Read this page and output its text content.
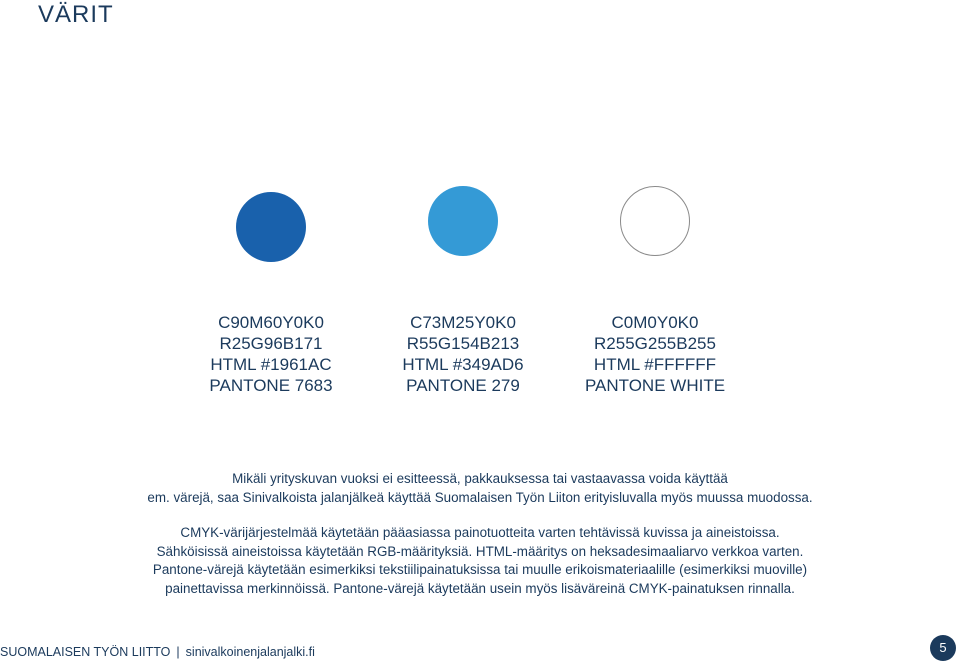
VÄRIT
C90M60Y0K0
R25G96B171
HTML #1961AC
PANTONE 7683
C73M25Y0K0
R55G154B213
HTML #349AD6
PANTONE 279
C0M0Y0K0
R255G255B255
HTML #FFFFFF
PANTONE WHITE
Mikäli yrityskuvan vuoksi ei esitteessä, pakkauksessa tai vastaavassa voida käyttää
em. värejä, saa Sinivalkoista jalanjälkeä käyttää Suomalaisen Työn Liiton erityisluvalla myös muussa muodossa.
CMYK-värijärjestelmää käytetään pääasiassa painotuotteita varten tehtävissä kuvissa ja aineistoissa.
Sähköisissä aineistoissa käytetään RGB-määrityksiä. HTML-määritys on heksadesimaaliarvo verkkoa varten.
Pantone-värejä käytetään esimerkiksi tekstiilipainatuksissa tai muulle erikoismateriaalille (esimerkiksi muoville)
painettavissa merkinnöissä. Pantone-värejä käytetään usein myös lisäväreinä CMYK-painatuksen rinnalla.
SUOMALAISEN TYÖN LIITTO | sinivalkoinenjalanjalki.fi	5
